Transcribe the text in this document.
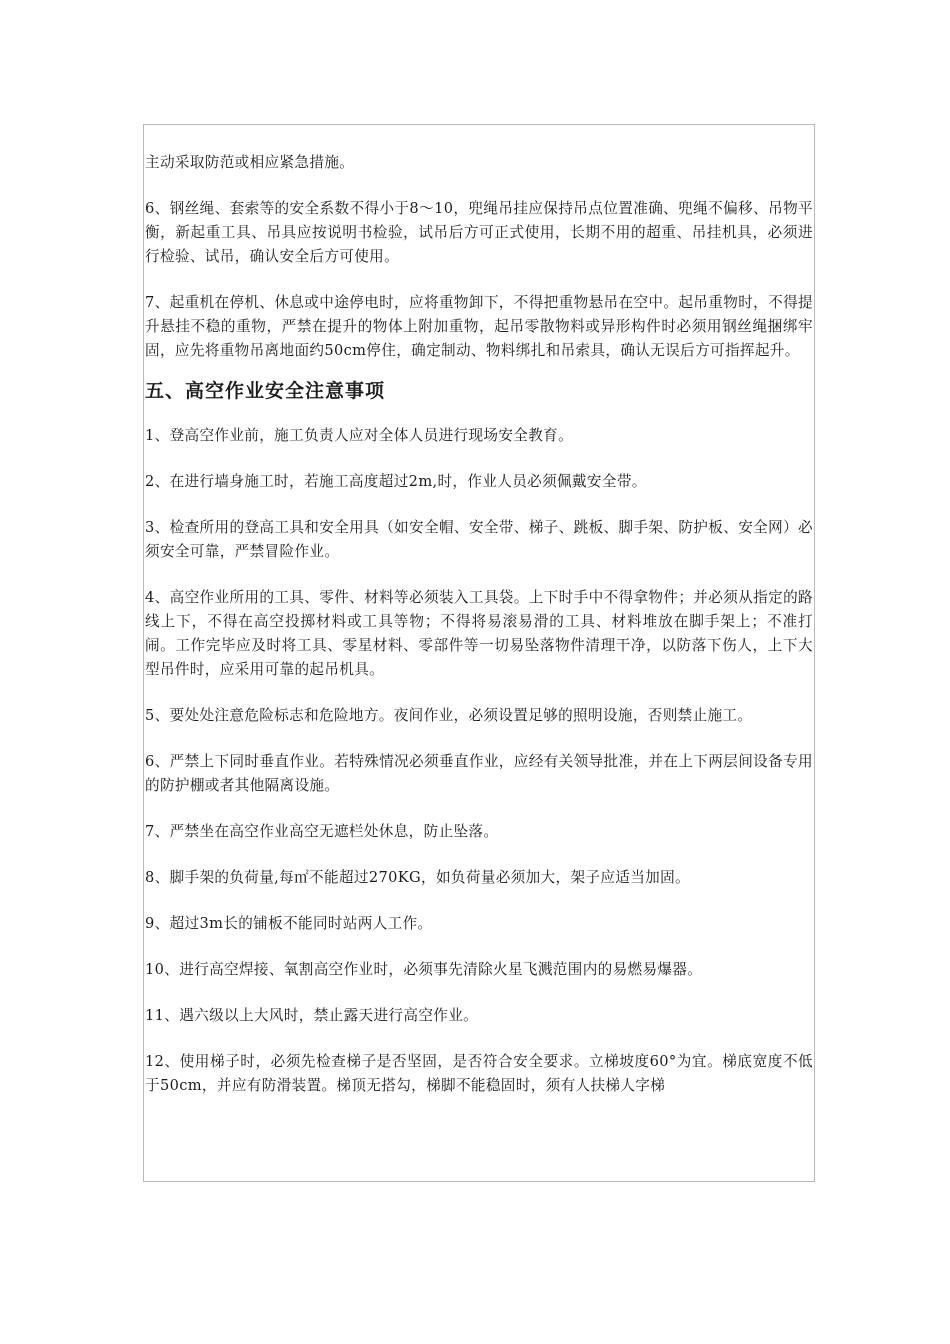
主动采取防范或相应紧急措施。

6、钢丝绳、套索等的安全系数不得小于8～10，兜绳吊挂应保持吊点位置准确、兜绳不偏移、吊物平衡，新起重工具、吊具应按说明书检验，试吊后方可正式使用，长期不用的超重、吊挂机具，必须进行检验、试吊，确认安全后方可使用。

7、起重机在停机、休息或中途停电时，应将重物卸下，不得把重物悬吊在空中。起吊重物时，不得提升悬挂不稳的重物，严禁在提升的物体上附加重物，起吊零散物料或异形构件时必须用钢丝绳捆绑牢固，应先将重物吊离地面约50cm停住，确定制动、物料绑扎和吊索具，确认无误后方可指挥起升。

五、高空作业安全注意事项

1、登高空作业前，施工负责人应对全体人员进行现场安全教育。

2、在进行墙身施工时，若施工高度超过2m,时，作业人员必须佩戴安全带。

3、检查所用的登高工具和安全用具（如安全帽、安全带、梯子、跳板、脚手架、防护板、安全网）必须安全可靠，严禁冒险作业。

4、高空作业所用的工具、零件、材料等必须装入工具袋。上下时手中不得拿物件；并必须从指定的路线上下，不得在高空投掷材料或工具等物；不得将易滚易滑的工具、材料堆放在脚手架上；不准打闹。工作完毕应及时将工具、零星材料、零部件等一切易坠落物件清理干净，以防落下伤人，上下大型吊件时，应采用可靠的起吊机具。

5、要处处注意危险标志和危险地方。夜间作业，必须设置足够的照明设施，否则禁止施工。

6、严禁上下同时垂直作业。若特殊情况必须垂直作业，应经有关领导批准，并在上下两层间设备专用的防护棚或者其他隔离设施。

7、严禁坐在高空作业高空无遮栏处休息，防止坠落。

8、脚手架的负荷量,每㎡不能超过270KG，如负荷量必须加大，架子应适当加固。

9、超过3m长的铺板不能同时站两人工作。

10、进行高空焊接、氧割高空作业时，必须事先清除火星飞溅范围内的易燃易爆器。

11、遇六级以上大风时，禁止露天进行高空作业。

12、使用梯子时，必须先检查梯子是否坚固，是否符合安全要求。立梯坡度60°为宜。梯底宽度不低于50cm，并应有防滑装置。梯顶无搭勾，梯脚不能稳固时，须有人扶梯人字梯
